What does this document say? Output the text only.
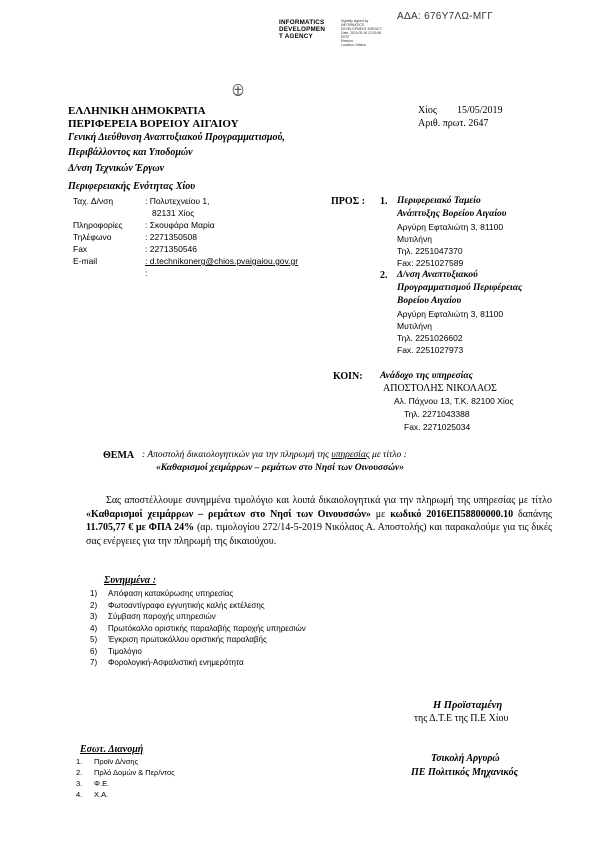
ΑΔΑ: 676Υ7ΛΩ-ΜΓΓ
INFORMATICS
DEVELOPMEN
T AGENCY
Digitally signed by
INFORMATICS
DEVELOPMENT AGENCY
Date: 2019.05.16 12:19:56
EEST
Reason:
Location: Athens
ΕΛΛΗΝΙΚΗ ΔΗΜΟΚΡΑΤΙΑ
ΠΕΡΙΦΕΡΕΙΑ ΒΟΡΕΙΟΥ ΑΙΓΑΙΟΥ
Γενική Διεύθυνση Αναπτυξιακού Προγραμματισμού,
Περιβάλλοντος και Υποδομών
Δ/νση Τεχνικών Έργων
Περιφερειακής Ενότητας Χίου
Χίος 15/05/2019
Αριθ. πρωτ. 2647
Ταχ. Δ/νση	: Πολυτεχνείου 1,
82131 Χίος
Πληροφορίες	: Σκουφάρα Μαρία
Τηλέφωνο	: 2271350508
Fax	: 2271350546
E-mail	: d.technikonerg@chios.pvaigaiou.gov.gr
:
ΠΡΟΣ : 1. Περιφερειακό Ταμείο
Ανάπτυξης Βορείου Αιγαίου
Αργύρη Εφταλιώτη 3, 81100
Μυτιλήνη
Τηλ. 2251047370
Fax: 2251027589
2. Δ/νση Αναπτυξιακού
Προγραμματισμού Περιφέρειας
Βορείου Αιγαίου
Αργύρη Εφταλιώτη 3, 81100
Μυτιλήνη
Τηλ. 2251026602
Fax. 2251027973
ΚΟΙΝ: Ανάδοχο της υπηρεσίας
ΑΠΟΣΤΟΛΗΣ ΝΙΚΟΛΑΟΣ
Αλ. Πάχνου 13, Τ.Κ. 82100 Χίος
Τηλ. 2271043388
Fax. 2271025034
ΘΕΜΑ : Αποστολή δικαιολογητικών για την πληρωμή της υπηρεσίας με τίτλο :
«Καθαρισμοί χειμάρρων – ρεμάτων στο Νησί των Οινουσσών»
Σας αποστέλλουμε συνημμένα τιμολόγιο και λοιπά δικαιολογητικά για την πληρωμή της υπηρεσίας με τίτλο «Καθαρισμοί χειμάρρων – ρεμάτων στο Νησί των Οινουσσών» με κωδικό 2016ΕΠ58800000.10 δαπάνης 11.705,77 € με ΦΠΑ 24% (αρ. τιμολογίου 272/14-5-2019 Νικόλαος Α. Αποστολής) και παρακαλούμε για τις δικές σας ενέργειες για την πληρωμή της δικαιούχου.
Συνημμένα :
1)	Απόφαση κατακύρωσης υπηρεσίας
2)	Φωτοαντίγραφο εγγυητικής καλής εκτέλεσης
3)	Σύμβαση παροχής υπηρεσιών
4)	Πρωτόκολλο οριστικής παραλαβής παροχής υπηρεσιών
5)	Έγκριση πρωτοκόλλου οριστικής παραλαβής
6)	Τιμολόγιο
7)	Φορολογική-Ασφαλιστική ενημερότητα
Η Προϊσταμένη
της Δ.Τ.Ε της Π.Ε Χίου
Τσικολή Αργυρώ
ΠΕ Πολιτικός Μηχανικός
Εσωτ. Διανομή
1.	Προϊν Δ/νσης
2.	Πρλό Δομών & Περ/ντος
3.	Φ.Ε.
4.	Χ.Α.
